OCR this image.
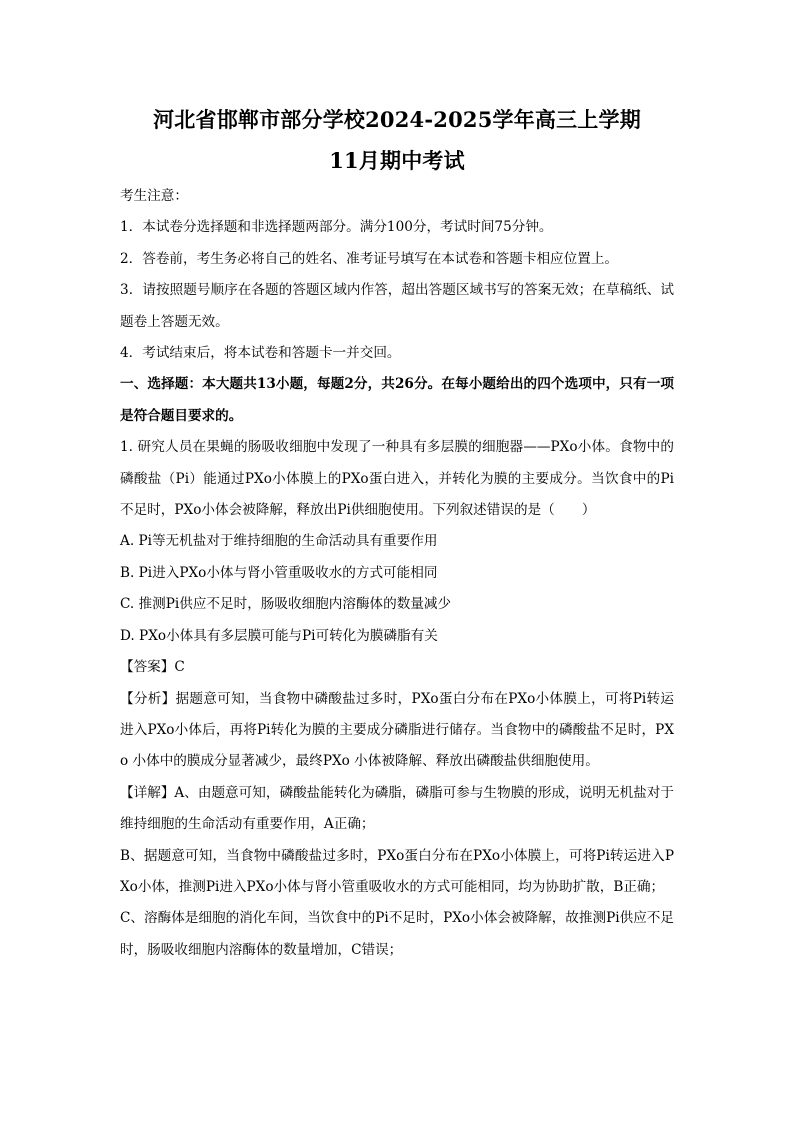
河北省邯郸市部分学校2024-2025学年高三上学期
11月期中考试
考生注意：
1．本试卷分选择题和非选择题两部分。满分100分，考试时间75分钟。
2．答卷前，考生务必将自己的姓名、准考证号填写在本试卷和答题卡相应位置上。
3．请按照题号顺序在各题的答题区域内作答，超出答题区域书写的答案无效；在草稿纸、试题卷上答题无效。
4．考试结束后，将本试卷和答题卡一并交回。
一、选择题：本大题共13小题，每题2分，共26分。在每小题给出的四个选项中，只有一项是符合题目要求的。
1. 研究人员在果蝇的肠吸收细胞中发现了一种具有多层膜的细胞器——PXo小体。食物中的磷酸盐（Pi）能通过PXo小体膜上的PXo蛋白进入，并转化为膜的主要成分。当饮食中的Pi不足时，PXo小体会被降解，释放出Pi供细胞使用。下列叙述错误的是（　　）
A. Pi等无机盐对于维持细胞的生命活动具有重要作用
B. Pi进入PXo小体与肾小管重吸收水的方式可能相同
C. 推测Pi供应不足时，肠吸收细胞内溶酶体的数量减少
D. PXo小体具有多层膜可能与Pi可转化为膜磷脂有关
【答案】C
【分析】据题意可知，当食物中磷酸盐过多时，PXo蛋白分布在PXo小体膜上，可将Pi转运进入PXo小体后，再将Pi转化为膜的主要成分磷脂进行储存。当食物中的磷酸盐不足时，PXo 小体中的膜成分显著减少，最终PXo 小体被降解、释放出磷酸盐供细胞使用。
【详解】A、由题意可知，磷酸盐能转化为磷脂，磷脂可参与生物膜的形成，说明无机盐对于维持细胞的生命活动有重要作用，A正确；
B、据题意可知，当食物中磷酸盐过多时，PXo蛋白分布在PXo小体膜上，可将Pi转运进入PXo小体，推测Pi进入PXo小体与肾小管重吸收水的方式可能相同，均为协助扩散，B正确；
C、溶酶体是细胞的消化车间，当饮食中的Pi不足时，PXo小体会被降解，故推测Pi供应不足时，肠吸收细胞内溶酶体的数量增加，C错误；
